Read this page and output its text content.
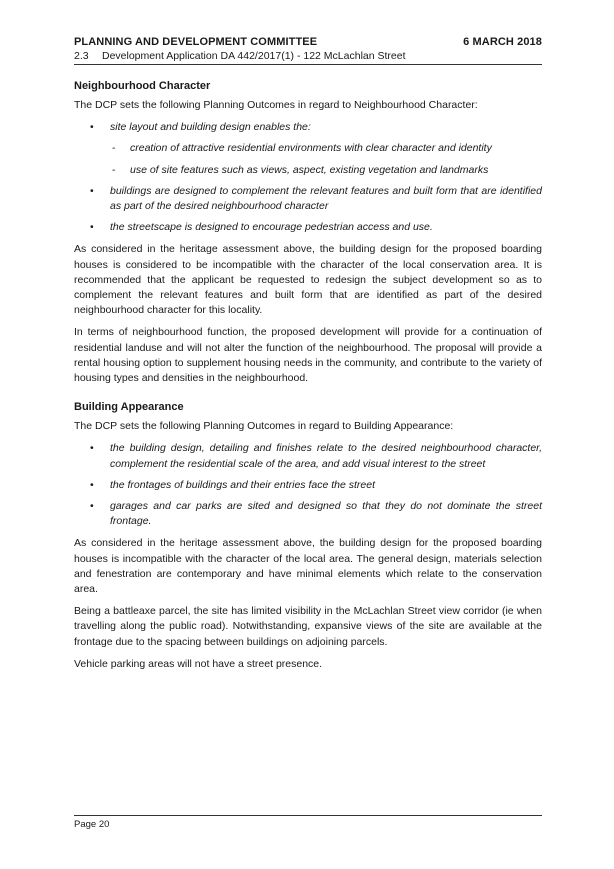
PLANNING AND DEVELOPMENT COMMITTEE	6 MARCH 2018
2.3 Development Application DA 442/2017(1) - 122 McLachlan Street
Neighbourhood Character

The DCP sets the following Planning Outcomes in regard to Neighbourhood Character:

• site layout and building design enables the:
- creation of attractive residential environments with clear character and identity
- use of site features such as views, aspect, existing vegetation and landmarks
• buildings are designed to complement the relevant features and built form that are identified as part of the desired neighbourhood character
• the streetscape is designed to encourage pedestrian access and use.

As considered in the heritage assessment above, the building design for the proposed boarding houses is considered to be incompatible with the character of the local conservation area. It is recommended that the applicant be requested to redesign the subject development so as to complement the relevant features and built form that are identified as part of the desired neighbourhood character for this locality.

In terms of neighbourhood function, the proposed development will provide for a continuation of residential landuse and will not alter the function of the neighbourhood. The proposal will provide a rental housing option to supplement housing needs in the community, and contribute to the variety of housing types and densities in the neighbourhood.

Building Appearance

The DCP sets the following Planning Outcomes in regard to Building Appearance:

• the building design, detailing and finishes relate to the desired neighbourhood character, complement the residential scale of the area, and add visual interest to the street
• the frontages of buildings and their entries face the street
• garages and car parks are sited and designed so that they do not dominate the street frontage.

As considered in the heritage assessment above, the building design for the proposed boarding houses is incompatible with the character of the local area. The general design, materials selection and fenestration are contemporary and have minimal elements which relate to the conservation area.

Being a battleaxe parcel, the site has limited visibility in the McLachlan Street view corridor (ie when travelling along the public road). Notwithstanding, expansive views of the site are available at the frontage due to the spacing between buildings on adjoining parcels.

Vehicle parking areas will not have a street presence.

Page 20
